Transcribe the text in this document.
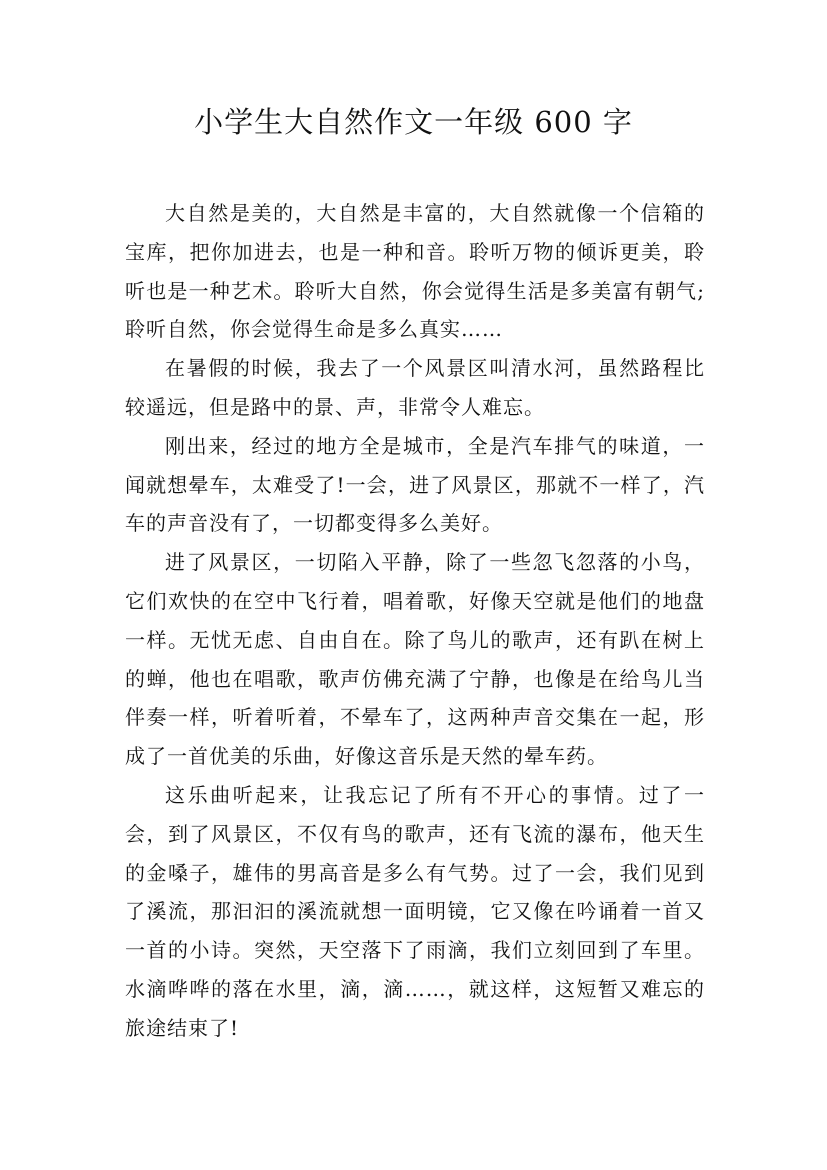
小学生大自然作文一年级 600 字

大自然是美的，大自然是丰富的，大自然就像一个信箱的宝库，把你加进去，也是一种和音。聆听万物的倾诉更美，聆听也是一种艺术。聆听大自然，你会觉得生活是多美富有朝气;聆听自然，你会觉得生命是多么真实……

在暑假的时候，我去了一个风景区叫清水河，虽然路程比较遥远，但是路中的景、声，非常令人难忘。

刚出来，经过的地方全是城市，全是汽车排气的味道，一闻就想晕车，太难受了!一会，进了风景区，那就不一样了，汽车的声音没有了，一切都变得多么美好。

进了风景区，一切陷入平静，除了一些忽飞忽落的小鸟，它们欢快的在空中飞行着，唱着歌，好像天空就是他们的地盘一样。无忧无虑、自由自在。除了鸟儿的歌声，还有趴在树上的蝉，他也在唱歌，歌声仿佛充满了宁静，也像是在给鸟儿当伴奏一样，听着听着，不晕车了，这两种声音交集在一起，形成了一首优美的乐曲，好像这音乐是天然的晕车药。

这乐曲听起来，让我忘记了所有不开心的事情。过了一会，到了风景区，不仅有鸟的歌声，还有飞流的瀑布，他天生的金嗓子，雄伟的男高音是多么有气势。过了一会，我们见到了溪流，那汩汩的溪流就想一面明镜，它又像在吟诵着一首又一首的小诗。突然，天空落下了雨滴，我们立刻回到了车里。水滴哗哗的落在水里，滴，滴……，就这样，这短暂又难忘的旅途结束了!
